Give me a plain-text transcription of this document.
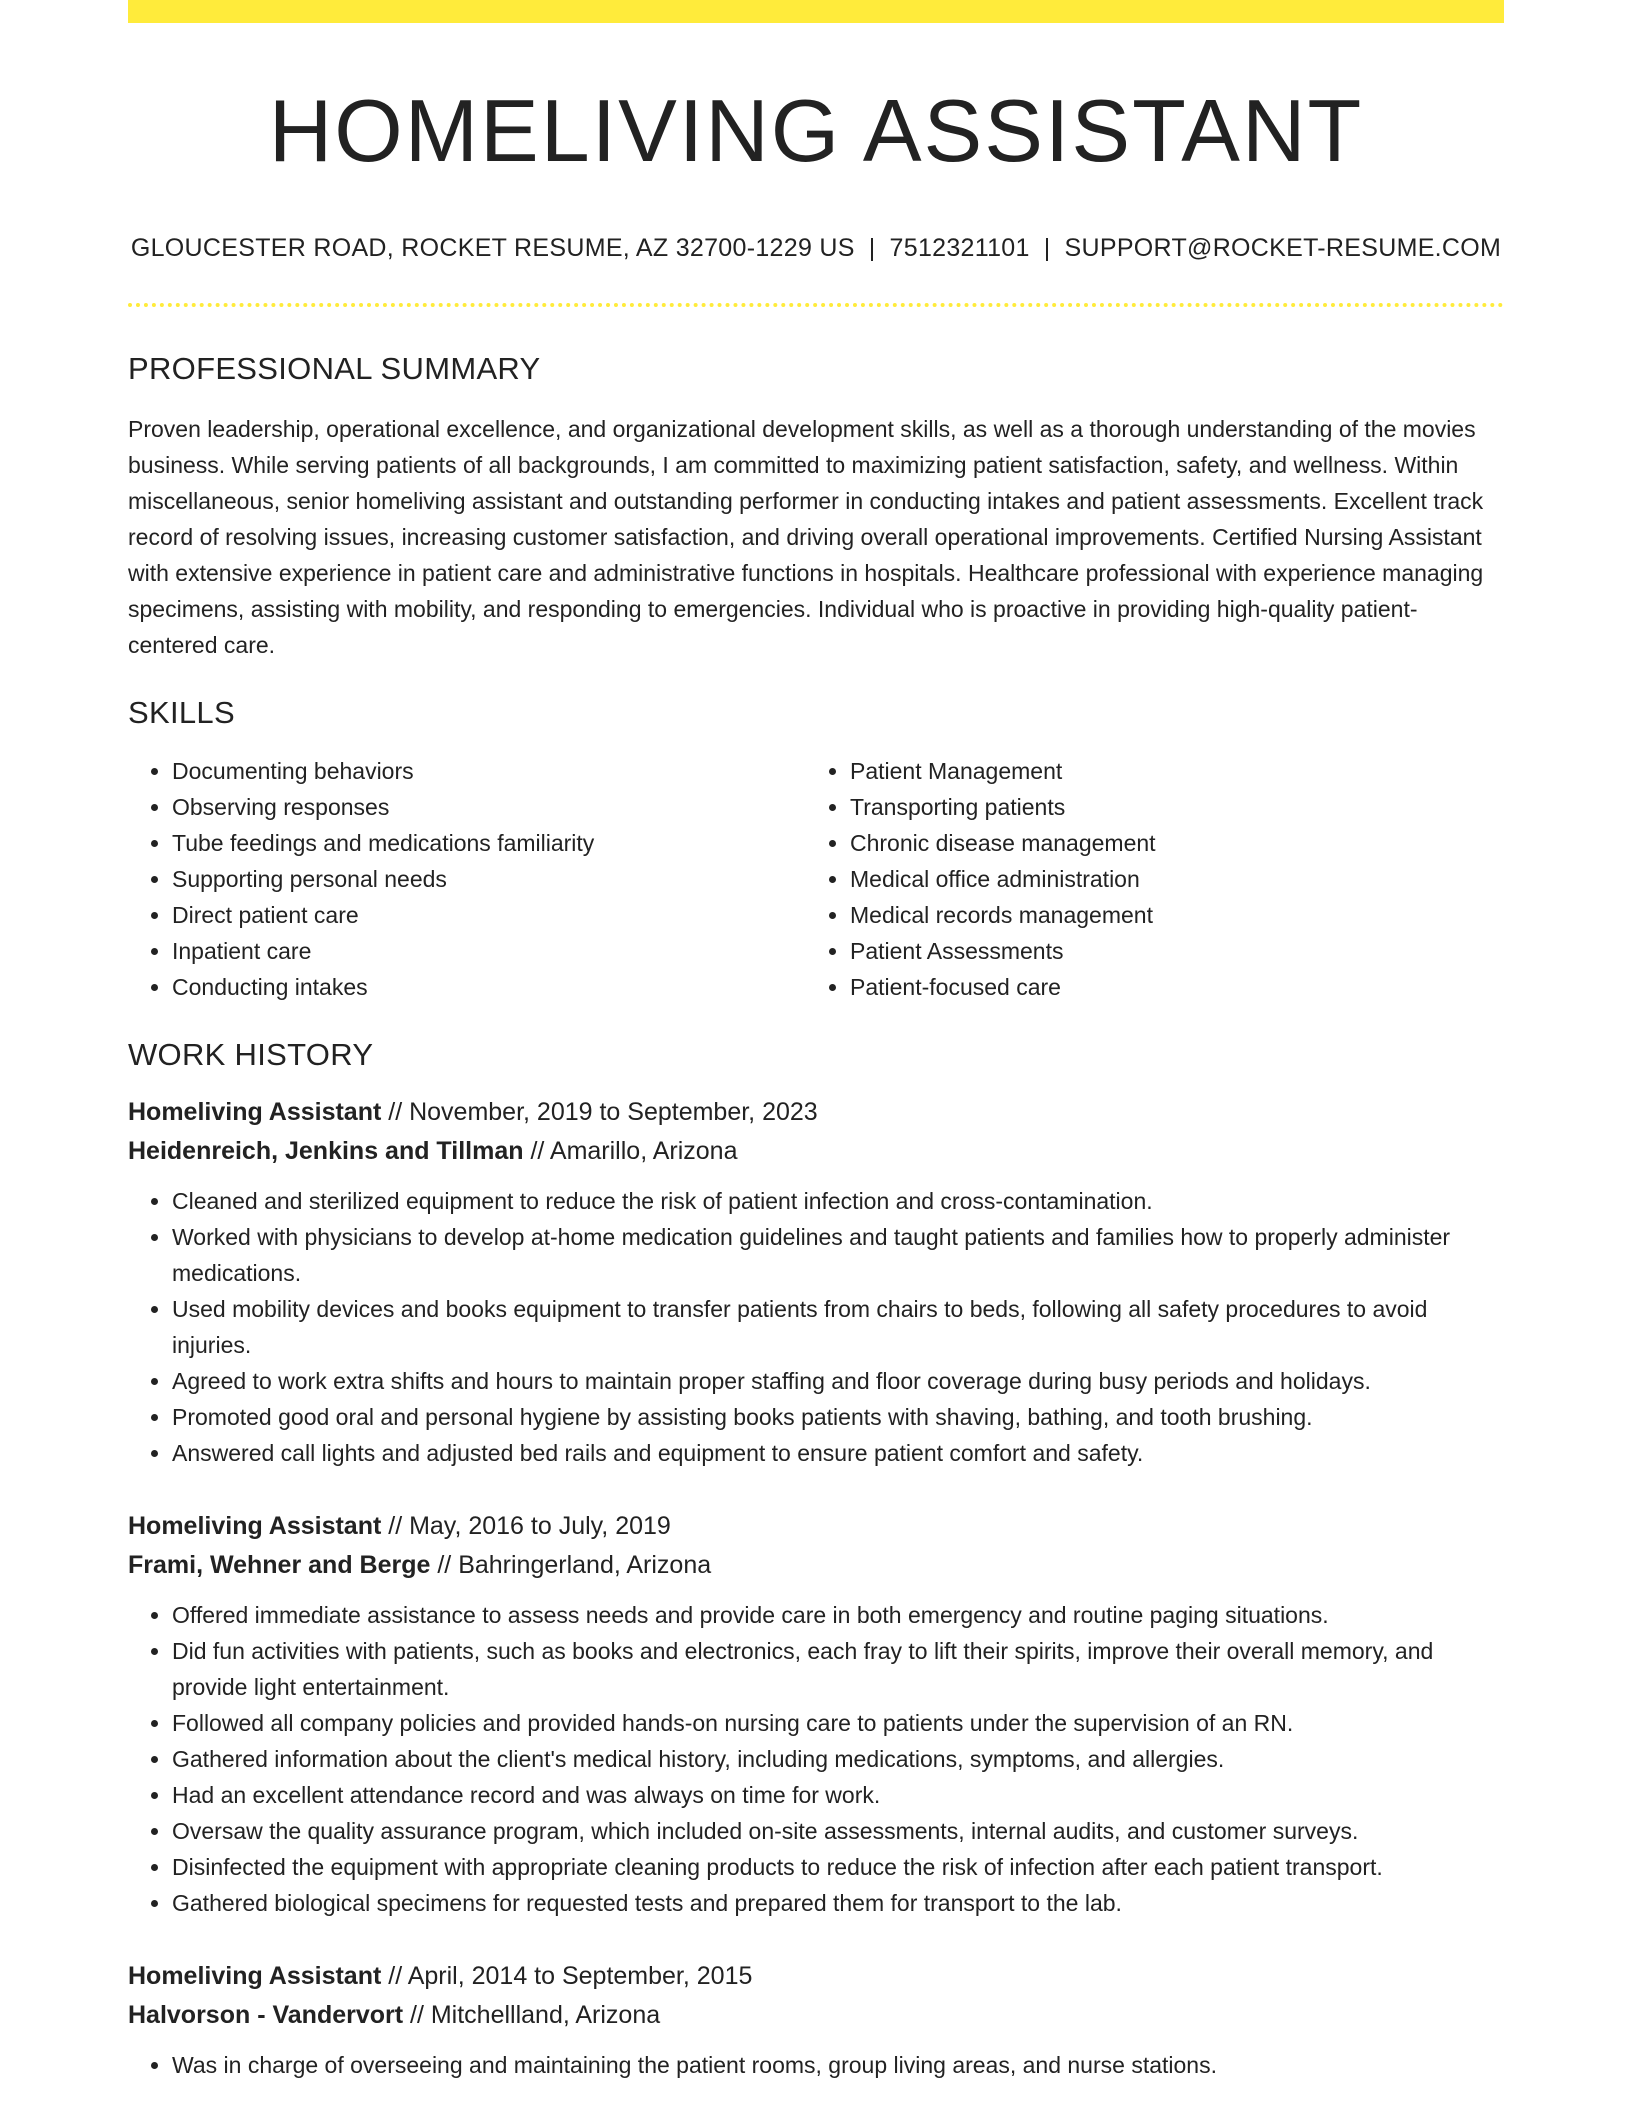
HOMELIVING ASSISTANT
GLOUCESTER ROAD, ROCKET RESUME, AZ 32700-1229 US | 7512321101 | SUPPORT@ROCKET-RESUME.COM
PROFESSIONAL SUMMARY

Proven leadership, operational excellence, and organizational development skills, as well as a thorough understanding of the movies business. While serving patients of all backgrounds, I am committed to maximizing patient satisfaction, safety, and wellness. Within miscellaneous, senior homeliving assistant and outstanding performer in conducting intakes and patient assessments. Excellent track record of resolving issues, increasing customer satisfaction, and driving overall operational improvements. Certified Nursing Assistant with extensive experience in patient care and administrative functions in hospitals. Healthcare professional with experience managing specimens, assisting with mobility, and responding to emergencies. Individual who is proactive in providing high-quality patient-centered care.

SKILLS
• Documenting behaviors
• Observing responses
• Tube feedings and medications familiarity
• Supporting personal needs
• Direct patient care
• Inpatient care
• Conducting intakes
• Patient Management
• Transporting patients
• Chronic disease management
• Medical office administration
• Medical records management
• Patient Assessments
• Patient-focused care
WORK HISTORY
Homeliving Assistant // November, 2019 to September, 2023
Heidenreich, Jenkins and Tillman // Amarillo, Arizona
• Cleaned and sterilized equipment to reduce the risk of patient infection and cross-contamination.
• Worked with physicians to develop at-home medication guidelines and taught patients and families how to properly administer medications.
• Used mobility devices and books equipment to transfer patients from chairs to beds, following all safety procedures to avoid injuries.
• Agreed to work extra shifts and hours to maintain proper staffing and floor coverage during busy periods and holidays.
• Promoted good oral and personal hygiene by assisting books patients with shaving, bathing, and tooth brushing.
• Answered call lights and adjusted bed rails and equipment to ensure patient comfort and safety.
Homeliving Assistant // May, 2016 to July, 2019
Frami, Wehner and Berge // Bahringerland, Arizona
• Offered immediate assistance to assess needs and provide care in both emergency and routine paging situations.
• Did fun activities with patients, such as books and electronics, each fray to lift their spirits, improve their overall memory, and provide light entertainment.
• Followed all company policies and provided hands-on nursing care to patients under the supervision of an RN.
• Gathered information about the client's medical history, including medications, symptoms, and allergies.
• Had an excellent attendance record and was always on time for work.
• Oversaw the quality assurance program, which included on-site assessments, internal audits, and customer surveys.
• Disinfected the equipment with appropriate cleaning products to reduce the risk of infection after each patient transport.
• Gathered biological specimens for requested tests and prepared them for transport to the lab.
Homeliving Assistant // April, 2014 to September, 2015
Halvorson - Vandervort // Mitchellland, Arizona
• Was in charge of overseeing and maintaining the patient rooms, group living areas, and nurse stations.
